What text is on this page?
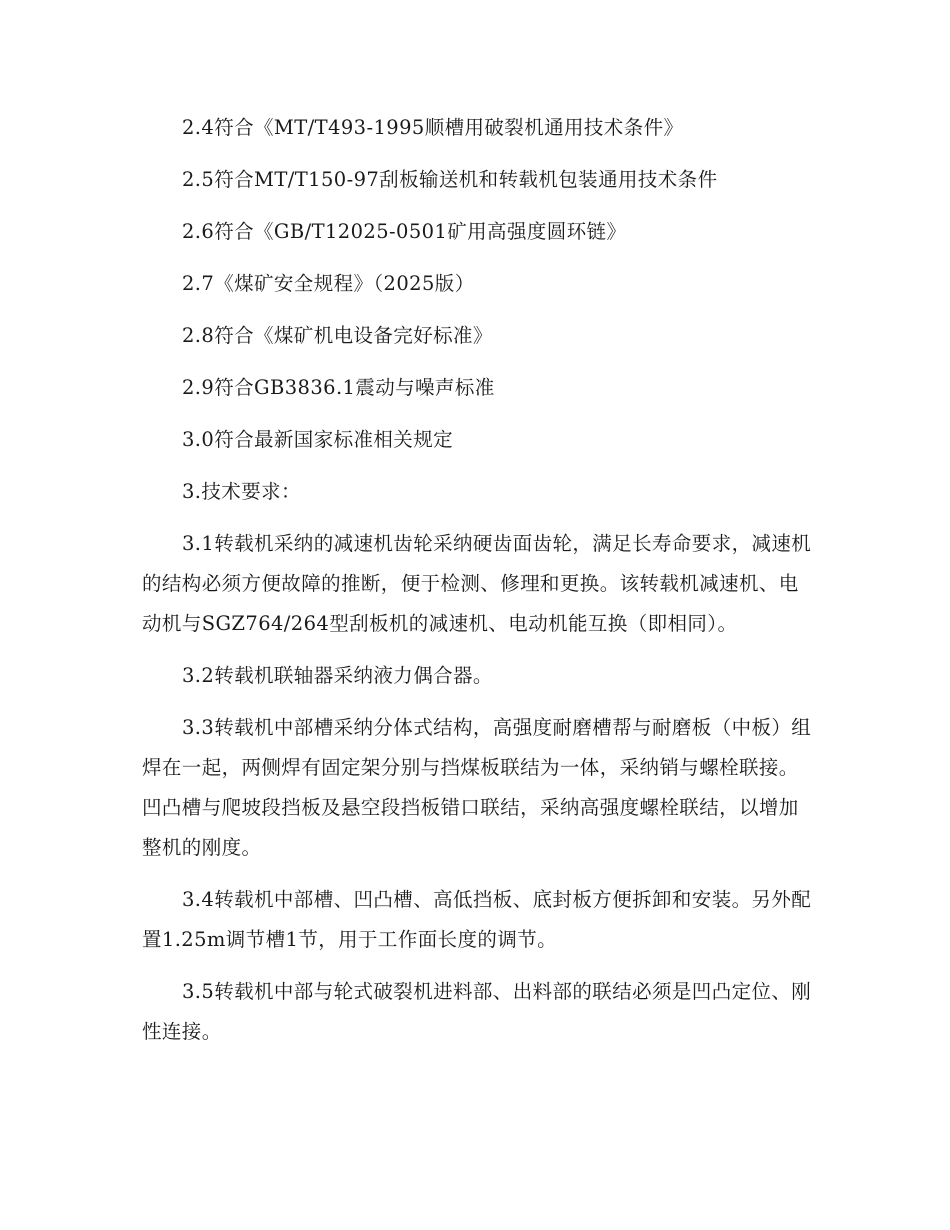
2.4符合《MT/T493-1995顺槽用破裂机通用技术条件》

2.5符合MT/T150-97刮板输送机和转载机包装通用技术条件

2.6符合《GB/T12025-0501矿用高强度圆环链》

2.7《煤矿安全规程》（2025版）

2.8符合《煤矿机电设备完好标准》

2.9符合GB3836.1震动与噪声标准

3.0符合最新国家标准相关规定

3.技术要求：

3.1转载机采纳的减速机齿轮采纳硬齿面齿轮，满足长寿命要求，减速机的结构必须方便故障的推断，便于检测、修理和更换。该转载机减速机、电动机与SGZ764/264型刮板机的减速机、电动机能互换（即相同）。

3.2转载机联轴器采纳液力偶合器。

3.3转载机中部槽采纳分体式结构，高强度耐磨槽帮与耐磨板（中板）组焊在一起，两侧焊有固定架分别与挡煤板联结为一体，采纳销与螺栓联接。凹凸槽与爬坡段挡板及悬空段挡板错口联结，采纳高强度螺栓联结，以增加整机的刚度。

3.4转载机中部槽、凹凸槽、高低挡板、底封板方便拆卸和安装。另外配置1.25m调节槽1节，用于工作面长度的调节。

3.5转载机中部与轮式破裂机进料部、出料部的联结必须是凹凸定位、刚性连接。
